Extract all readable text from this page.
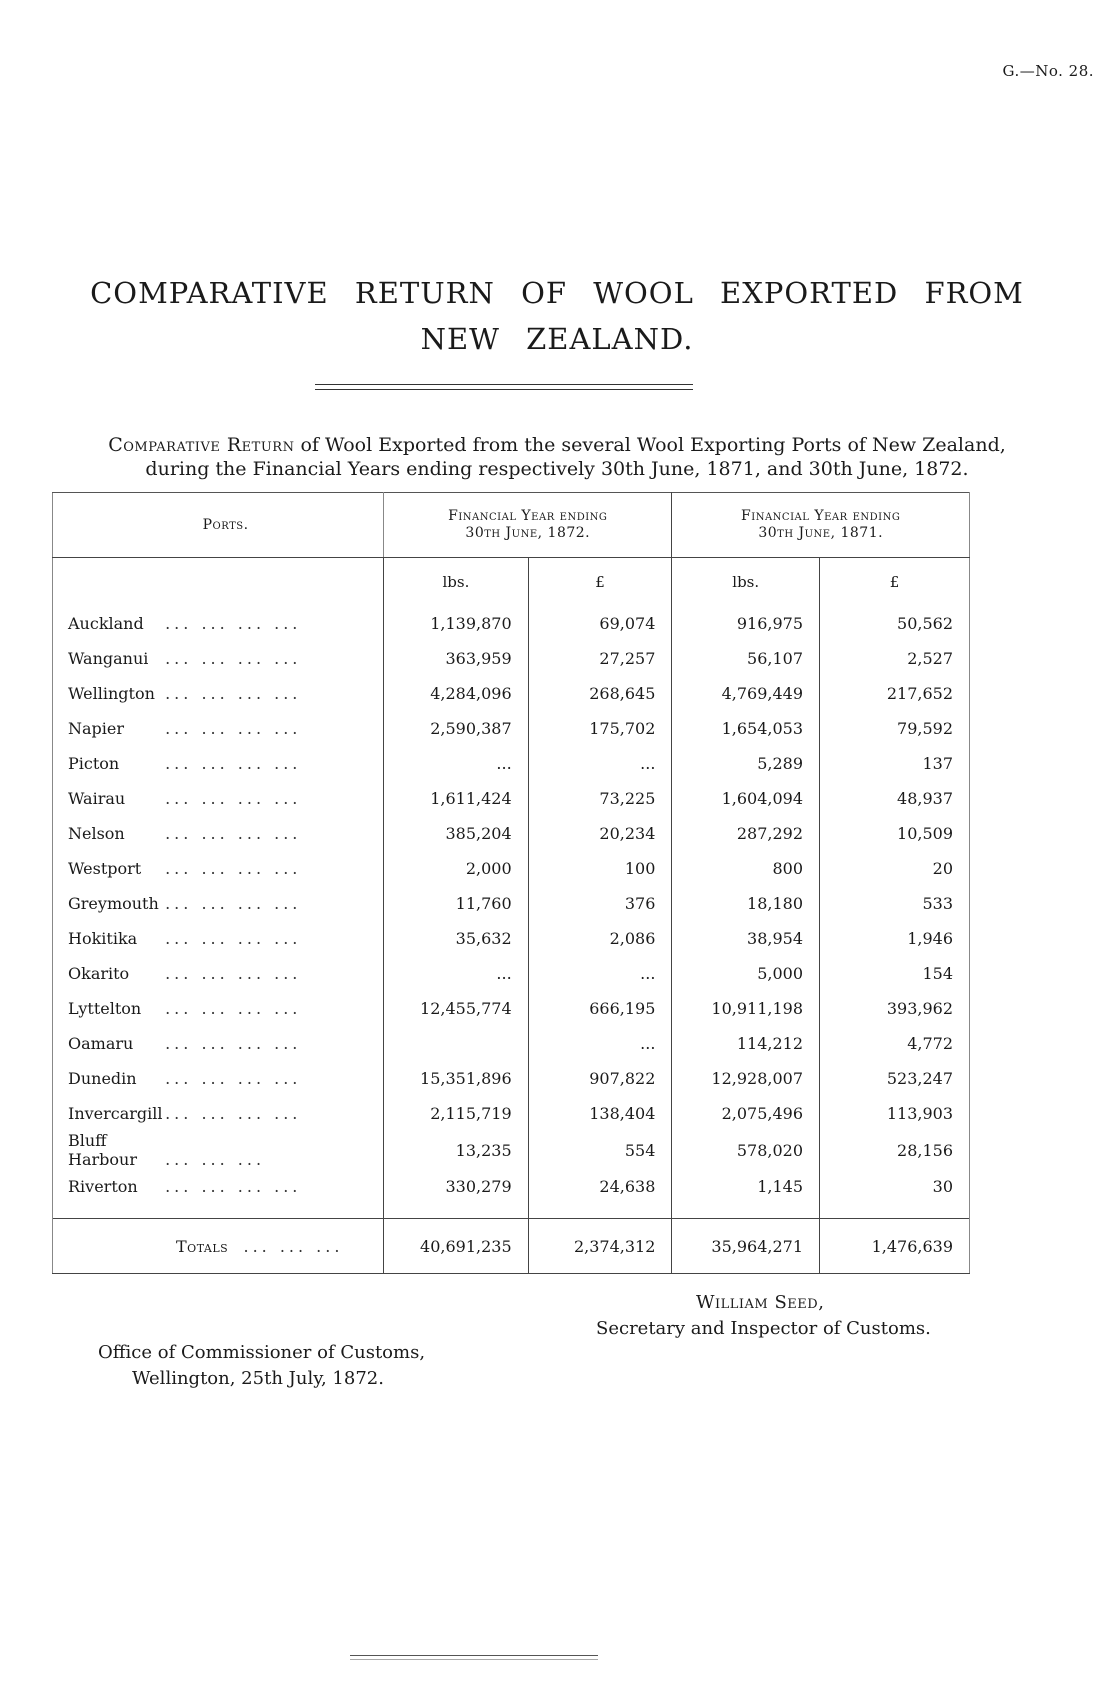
G.—No. 28.
COMPARATIVE RETURN OF WOOL EXPORTED FROM
NEW ZEALAND.
Comparative Return of Wool Exported from the several Wool Exporting Ports of New Zealand,
during the Financial Years ending respectively 30th June, 1871, and 30th June, 1872.
Ports.	Financial Year ending
30th June, 1872.		Financial Year ending
30th June, 1871.	
	lbs.	£	lbs.	£
Auckland ... ... ... ...	1,139,870	69,074	916,975	50,562
Wanganui ... ... ... ...	363,959	27,257	56,107	2,527
Wellington ... ... ... ...	4,284,096	268,645	4,769,449	217,652
Napier ... ... ... ...	2,590,387	175,702	1,654,053	79,592
Picton ... ... ... ...	...	...	5,289	137
Wairau ... ... ... ...	1,611,424	73,225	1,604,094	48,937
Nelson ... ... ... ...	385,204	20,234	287,292	10,509
Westport ... ... ... ...	2,000	100	800	20
Greymouth ... ... ... ...	11,760	376	18,180	533
Hokitika ... ... ... ...	35,632	2,086	38,954	1,946
Okarito ... ... ... ...	...	...	5,000	154
Lyttelton ... ... ... ...	12,455,774	666,195	10,911,198	393,962
Oamaru ... ... ... ...		...	114,212	4,772
Dunedin ... ... ... ...	15,351,896	907,822	12,928,007	523,247
Invercargill ... ... ... ...	2,115,719	138,404	2,075,496	113,903
Bluff Harbour ... ... ...	13,235	554	578,020	28,156
Riverton ... ... ... ...	330,279	24,638	1,145	30

Totals ... ... ...	40,691,235	2,374,312	35,964,271	1,476,639
William Seed,
Secretary and Inspector of Customs.
Office of Commissioner of Customs,
Wellington, 25th July, 1872.
